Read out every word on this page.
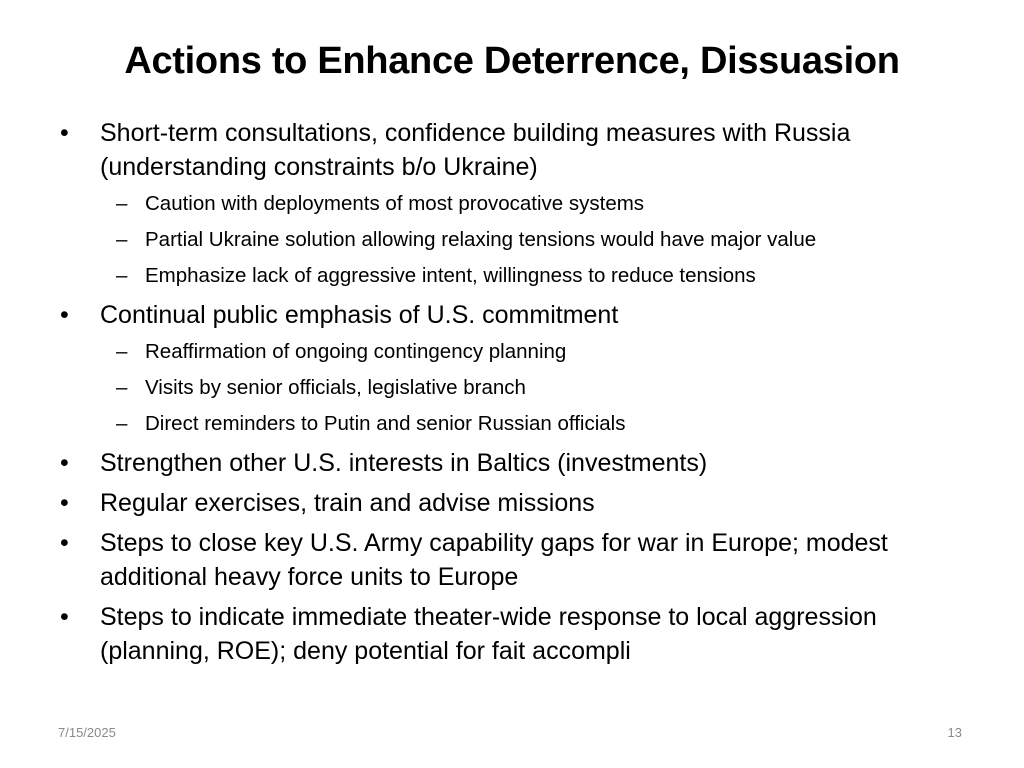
Actions to Enhance Deterrence, Dissuasion
• Short-term consultations, confidence building measures with Russia (understanding constraints b/o Ukraine)
– Caution with deployments of most provocative systems
– Partial Ukraine solution allowing relaxing tensions would have major value
– Emphasize lack of aggressive intent, willingness to reduce tensions
• Continual public emphasis of U.S. commitment
– Reaffirmation of ongoing contingency planning
– Visits by senior officials, legislative branch
– Direct reminders to Putin and senior Russian officials
• Strengthen other U.S. interests in Baltics (investments)
• Regular exercises, train and advise missions
• Steps to close key U.S. Army capability gaps for war in Europe; modest additional heavy force units to Europe
• Steps to indicate immediate theater-wide response to local aggression (planning, ROE); deny potential for fait accompli
7/15/2025	13
